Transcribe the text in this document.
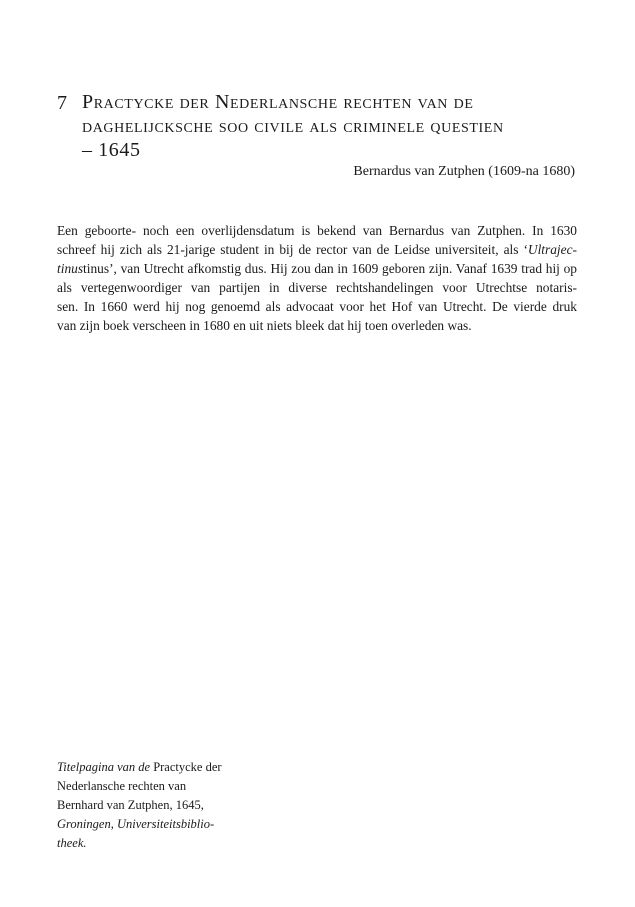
7 Practycke der Nederlansche rechten van de
daghelijcksche soo civile als criminele questien
– 1645
Bernardus van Zutphen (1609-na 1680)
Een geboorte- noch een overlijdensdatum is bekend van Bernardus van Zutphen. In 1630
schreef hij zich als 21-jarige student in bij de rector van de Leidse universiteit, als ‘Ultrajec-
tinustinus’, van Utrecht afkomstig dus. Hij zou dan in 1609 geboren zijn. Vanaf 1639 trad hij op
als vertegenwoordiger van partijen in diverse rechtshandelingen voor Utrechtse notaris-
sen. In 1660 werd hij nog genoemd als advocaat voor het Hof van Utrecht. De vierde druk
van zijn boek verscheen in 1680 en uit niets bleek dat hij toen overleden was.
Titelpagina van de Practycke der
Nederlansche rechten van
Bernhard van Zutphen, 1645,
Groningen, Universiteitsbiblio-
theek.
